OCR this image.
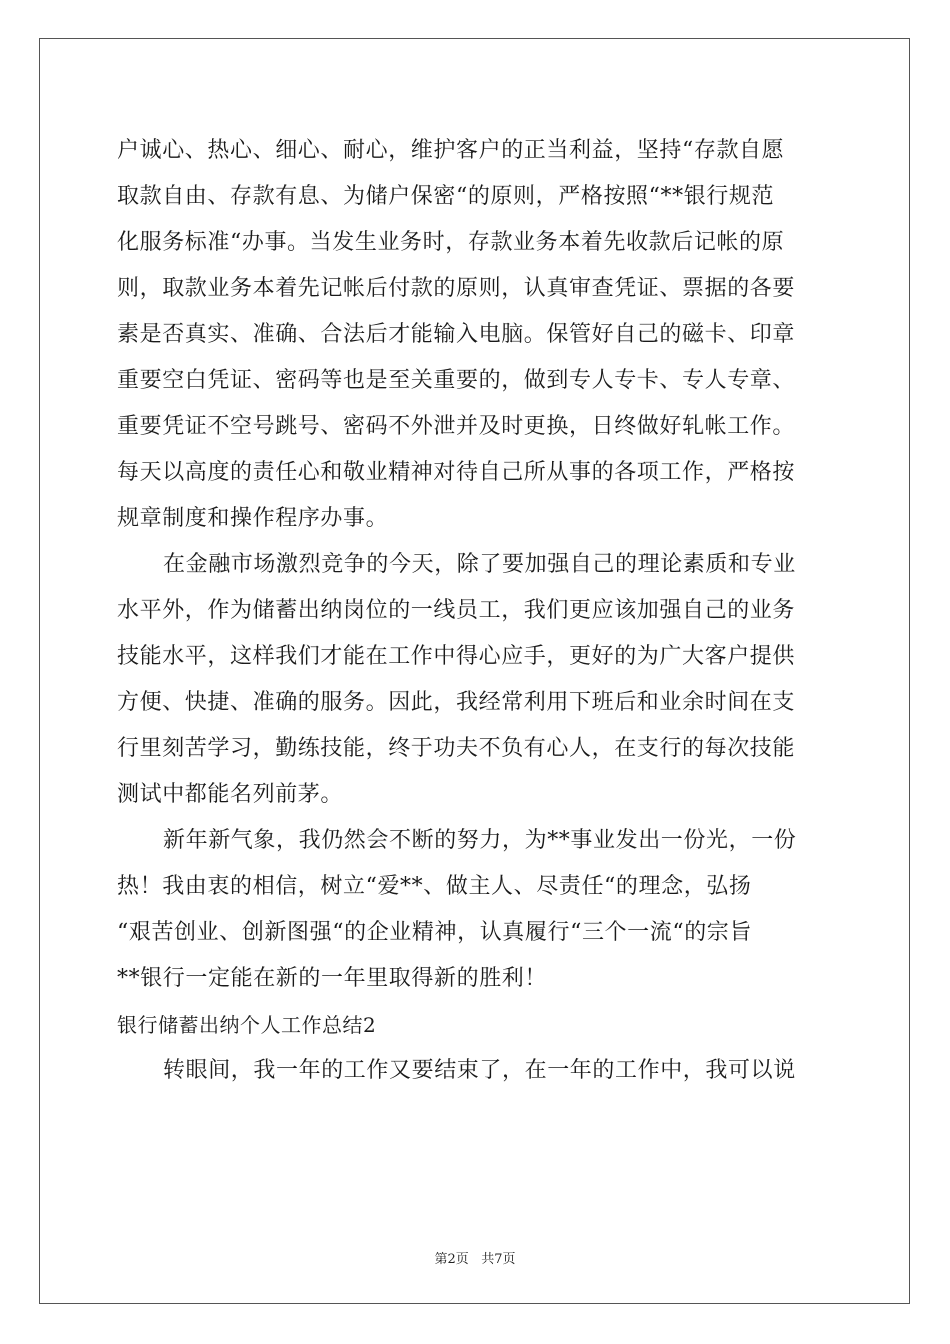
户诚心、热心、细心、耐心，维护客户的正当利益，坚持“存款自愿

取款自由、存款有息、为储户保密“的原则，严格按照“**银行规范

化服务标准“办事。当发生业务时，存款业务本着先收款后记帐的原

则，取款业务本着先记帐后付款的原则，认真审查凭证、票据的各要

素是否真实、准确、合法后才能输入电脑。保管好自己的磁卡、印章

重要空白凭证、密码等也是至关重要的，做到专人专卡、专人专章、

重要凭证不空号跳号、密码不外泄并及时更换，日终做好轧帐工作。

每天以高度的责任心和敬业精神对待自己所从事的各项工作，严格按

规章制度和操作程序办事。

在金融市场激烈竞争的今天，除了要加强自己的理论素质和专业

水平外，作为储蓄出纳岗位的一线员工，我们更应该加强自己的业务

技能水平，这样我们才能在工作中得心应手，更好的为广大客户提供

方便、快捷、准确的服务。因此，我经常利用下班后和业余时间在支

行里刻苦学习，勤练技能，终于功夫不负有心人，在支行的每次技能

测试中都能名列前茅。

新年新气象，我仍然会不断的努力，为**事业发出一份光，一份

热！我由衷的相信，树立“爱**、做主人、尽责任“的理念，弘扬

“艰苦创业、创新图强“的企业精神，认真履行“三个一流“的宗旨

**银行一定能在新的一年里取得新的胜利！

银行储蓄出纳个人工作总结2

转眼间，我一年的工作又要结束了，在一年的工作中，我可以说

第2页 共7页
